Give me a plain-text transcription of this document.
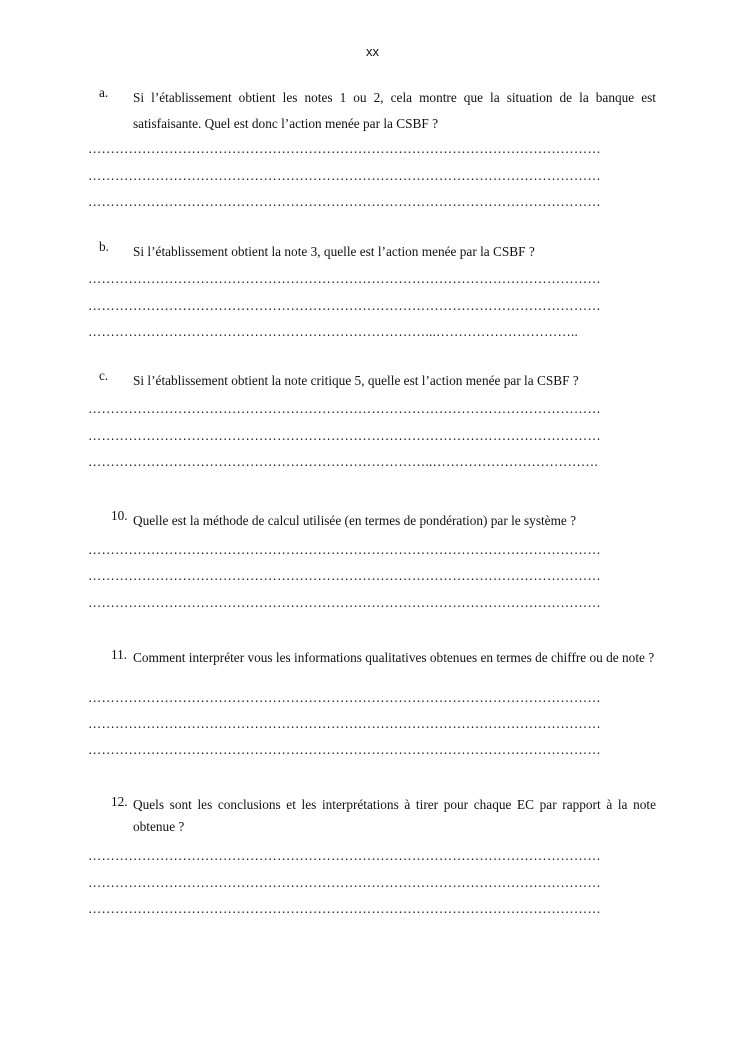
xx
a.	Si l’établissement obtient les notes 1 ou 2, cela montre que la situation de la banque est satisfaisante. Quel est donc l’action menée par la CSBF ?
……………………………………………………………………………………………………
……………………………………………………………………………………………………
……………………………………………………………………………………………………
b.	Si l’établissement obtient la note 3, quelle est l’action menée par la CSBF ?
……………………………………………………………………………………………………
……………………………………………………………………………………………………
…………………………………………………………………...…………………………..
c.	Si l’établissement obtient la note critique 5, quelle est l’action menée par la CSBF ?
……………………………………………………………………………………………………
……………………………………………………………………………………………………
…………………………………………………………………..……………………………….
10. Quelle est la méthode de calcul utilisée (en termes de pondération) par le système ?
……………………………………………………………………………………………………
……………………………………………………………………………………………………
……………………………………………………………………………………………………
11. Comment interpréter vous les informations qualitatives obtenues en termes de chiffre ou de note ?
……………………………………………………………………………………………………
……………………………………………………………………………………………………
……………………………………………………………………………………………………
12. Quels sont les conclusions et les interprétations à tirer pour chaque EC par rapport à la note obtenue ?
……………………………………………………………………………………………………
……………………………………………………………………………………………………
……………………………………………………………………………………………………
